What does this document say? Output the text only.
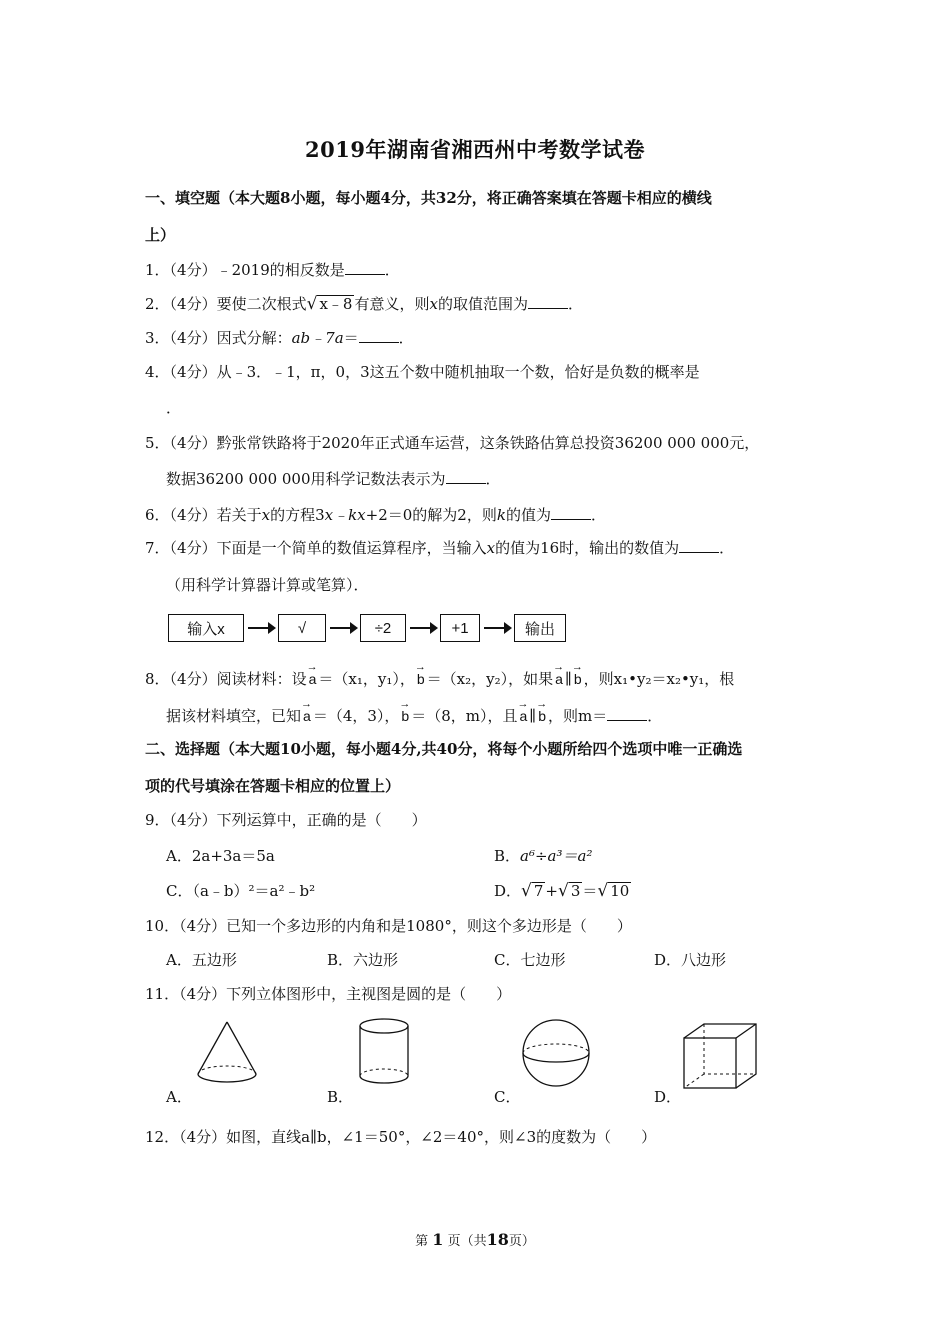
2019年湖南省湘西州中考数学试卷
一、填空题（本大题8小题，每小题4分，共32分，将正确答案填在答题卡相应的横线
上）
1．（4分）﹣2019的相反数是	．
2．（4分）要使二次根式√ x﹣8 有意义，则x的取值范围为	．
3．（4分）因式分解：ab﹣7a＝	．
4．（4分）从﹣3．﹣1，π，0，3这五个数中随机抽取一个数，恰好是负数的概率是
．
5．（4分）黔张常铁路将于2020年正式通车运营，这条铁路估算总投资36200 000 000元，
数据36200 000 000用科学记数法表示为	．
6．（4分）若关于x的方程3x﹣kx+2＝0的解为2，则k的值为	．
7．（4分）下面是一个简单的数值运算程序，当输入x的值为16时，输出的数值为	．
（用科学计算器计算或笔算）．
输入x	√	÷2	+1	输出
8．（4分）阅读材料：设 → a ＝（x₁，y₁）， → b ＝（x₂，y₂），如果 → a ∥ → b ，则x₁•y₂＝x₂•y₁，根
据该材料填空，已知 → a ＝（4，3）， → b ＝（8，m），且 → a ∥ → b ，则m＝	．
二、选择题（本大题10小题，每小题4分,共40分，将每个小题所给四个选项中唯一正确选
项的代号填涂在答题卡相应的位置上）
9．（4分）下列运算中，正确的是（　　）
A．2a+3a＝5a	B．a⁶÷a³＝a²
C．（a﹣b）²＝a²﹣b²	D．√ 7 +√ 3 ＝√ 10
10．（4分）已知一个多边形的内角和是1080°，则这个多边形是（　　）
A．五边形	B．六边形	C．七边形	D．八边形
11．（4分）下列立体图形中，主视图是圆的是（　　）
A．	B．	C．	D．
12．（4分）如图，直线a∥b，∠1＝50°，∠2＝40°，则∠3的度数为（　　）
第 1 页（共18页）
